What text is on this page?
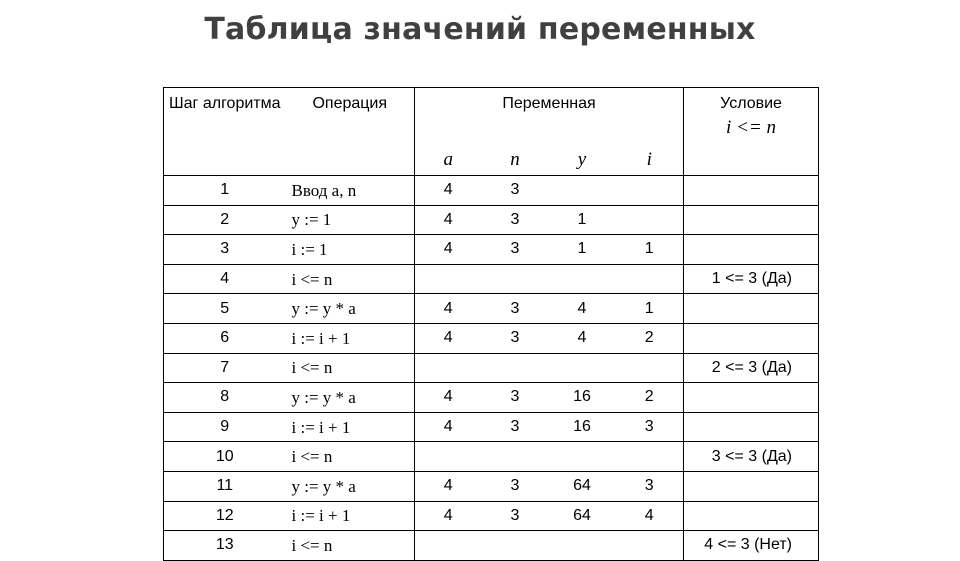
Таблица значений переменных
Шаг алгоритма	Операция	Переменная				Условие
i <= n

		a	n	y	i	
1	Ввод a, n	4	3			
2	y := 1	4	3	1		
3	i := 1	4	3	1	1	
4	i <= n					1 <= 3 (Да)
5	y := y * a	4	3	4	1	
6	i := i + 1	4	3	4	2	
7	i <= n					2 <= 3 (Да)
8	y := y * a	4	3	16	2	
9	i := i + 1	4	3	16	3	
10	i <= n					3 <= 3 (Да)
11	y := y * a	4	3	64	3	
12	i := i + 1	4	3	64	4	
13	i <= n					4 <= 3 (Нет)
